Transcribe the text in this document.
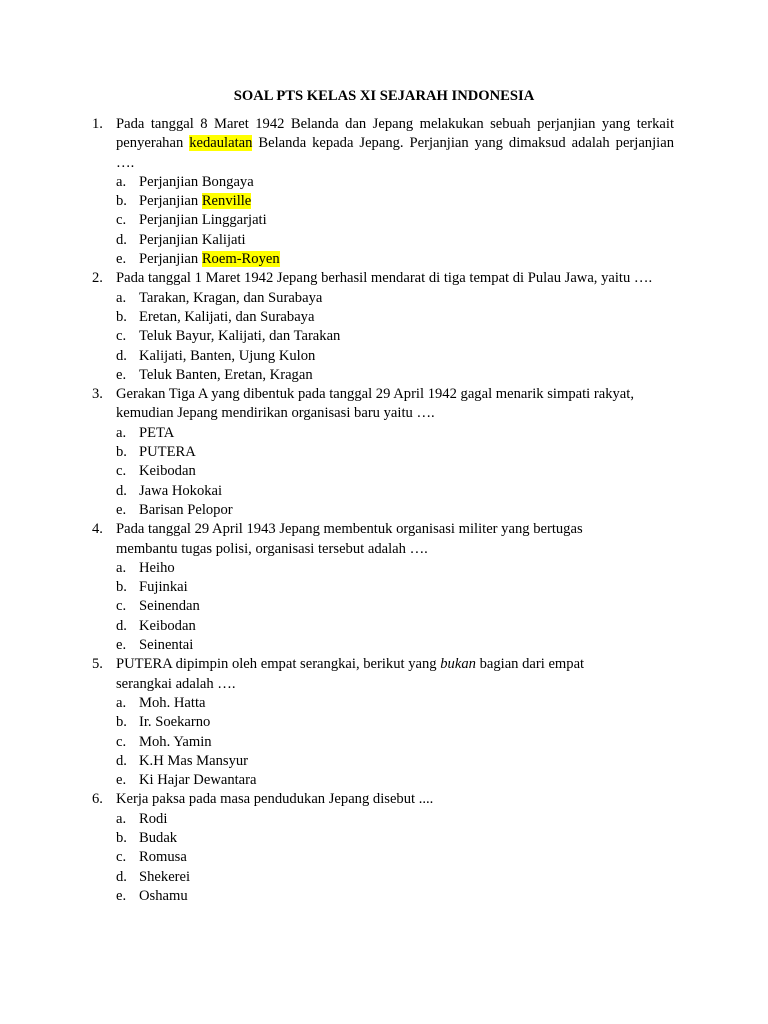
SOAL PTS KELAS XI SEJARAH INDONESIA
1. Pada tanggal 8 Maret 1942 Belanda dan Jepang melakukan sebuah perjanjian yang terkait penyerahan kedaulatan Belanda kepada Jepang. Perjanjian yang dimaksud adalah perjanjian ….
a. Perjanjian Bongaya
b. Perjanjian Renville
c. Perjanjian Linggarjati
d. Perjanjian Kalijati
e. Perjanjian Roem-Royen
2. Pada tanggal 1 Maret 1942 Jepang berhasil mendarat di tiga tempat di Pulau Jawa, yaitu ….
a. Tarakan, Kragan, dan Surabaya
b. Eretan, Kalijati, dan Surabaya
c. Teluk Bayur, Kalijati, dan Tarakan
d. Kalijati, Banten, Ujung Kulon
e. Teluk Banten, Eretan, Kragan
3. Gerakan Tiga A yang dibentuk pada tanggal 29 April 1942 gagal menarik simpati rakyat, kemudian Jepang mendirikan organisasi baru yaitu ….
a. PETA
b. PUTERA
c. Keibodan
d. Jawa Hokokai
e. Barisan Pelopor
4. Pada tanggal 29 April 1943 Jepang membentuk organisasi militer yang bertugas membantu tugas polisi, organisasi tersebut adalah ….
a. Heiho
b. Fujinkai
c. Seinendan
d. Keibodan
e. Seinentai
5. PUTERA dipimpin oleh empat serangkai, berikut yang bukan bagian dari empat serangkai adalah ….
a. Moh. Hatta
b. Ir. Soekarno
c. Moh. Yamin
d. K.H Mas Mansyur
e. Ki Hajar Dewantara
6. Kerja paksa pada masa pendudukan Jepang disebut ....
a. Rodi
b. Budak
c. Romusa
d. Shekerei
e. Oshamu
